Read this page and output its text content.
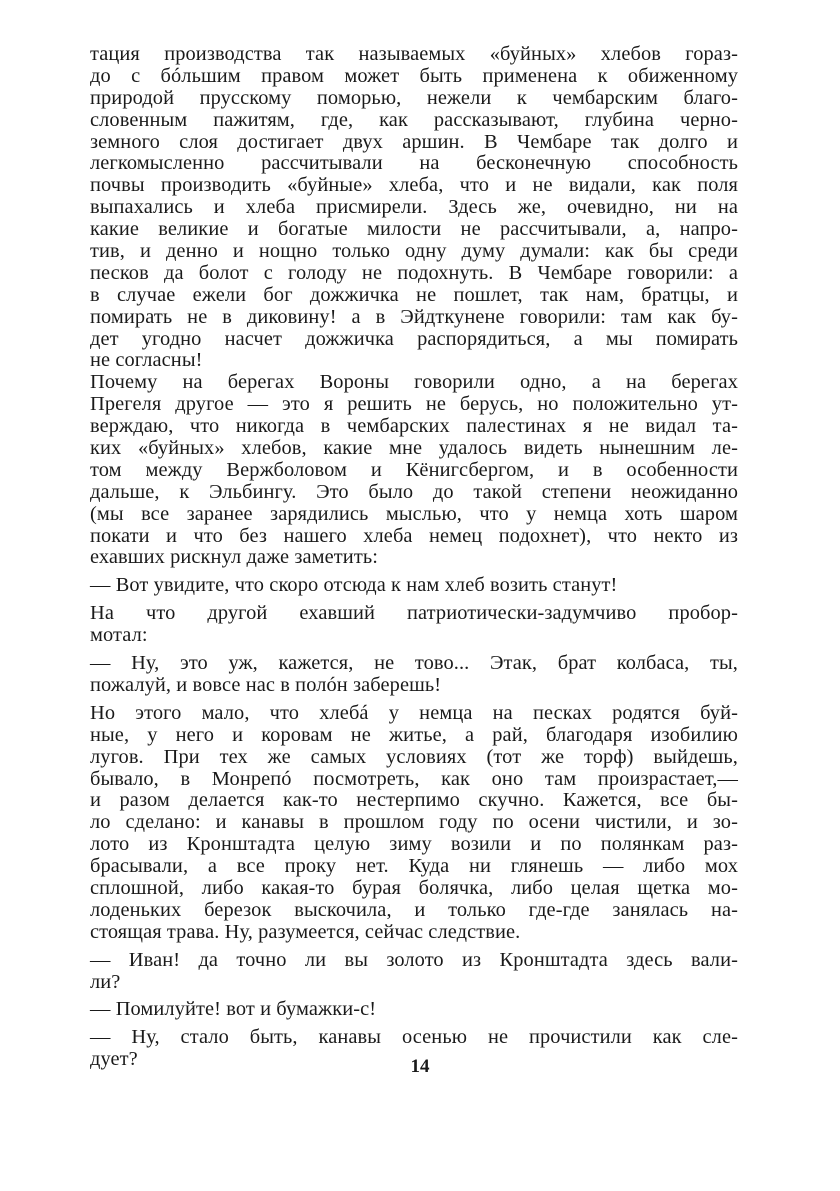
тация производства так называемых «буйных» хлебов горaз-
до с бóльшим правом может быть применена к обиженному
природой прусскому поморью, нежели к чембарским благо-
словенным пажитям, где, как рассказывают, глубина черно-
земного слоя достигает двух аршин. В Чембаре так долго и
легкомысленно рассчитывали на бесконечную способность
почвы производить «буйные» хлеба, что и не видали, как поля
выпахались и хлеба присмирели. Здесь же, очевидно, ни на
какие великие и богатые милости не рассчитывали, а, напро-
тив, и денно и нощно только одну думу думали: как бы среди
песков да болот с голоду не подохнуть. В Чембаре говорили: а
в случае ежели бог дожжичка не пошлет, так нам, братцы, и
помирать не в диковину! а в Эйдткунене говорили: там как бу-
дет угодно насчет дожжичка распорядиться, а мы помирать
не согласны!
Почему на берегах Вороны говорили одно, а на берегах
Прегеля другое — это я решить не берусь, но положительно ут-
верждаю, что никогда в чембарских палестинах я не видал та-
ких «буйных» хлебов, какие мне удалось видеть нынешним ле-
том между Вержболовом и Кёнигсбергом, и в особенности
дальше, к Эльбингу. Это было до такой степени неожиданно
(мы все заранее зарядились мыслью, что у немца хоть шаром
покати и что без нашего хлеба немец подохнет), что некто из
ехавших рискнул даже заметить:
— Вот увидите, что скоро отсюда к нам хлеб возить станут!
На что другой ехавший патриотически-задумчиво пробор-
мотал:
— Ну, это уж, кажется, не тово... Этак, брат колбаса, ты,
пожалуй, и вовсе нас в полóн заберешь!
Но этого мало, что хлебá у немца на песках родятся буй-
ные, у него и коровам не житье, а рай, благодаря изобилию
лугов. При тех же самых условиях (тот же торф) выйдешь,
бывало, в Монрепó посмотреть, как оно там произрастает,—
и разом делается как-то нестерпимо скучно. Кажется, все бы-
ло сделано: и канавы в прошлом году по осени чистили, и зо-
лото из Кронштадта целую зиму возили и по полянкам раз-
брасывали, а все проку нет. Куда ни глянешь — либо мох
сплошной, либо какая-то бурая болячка, либо целая щетка мо-
лоденьких березок выскочила, и только где-где занялась на-
стоящая трава. Ну, разумеется, сейчас следствие.
— Иван! да точно ли вы золото из Кронштадта здесь вали-
ли?
— Помилуйте! вот и бумажки-с!
— Ну, стало быть, канавы осенью не прочистили как сле-
дует?	14
